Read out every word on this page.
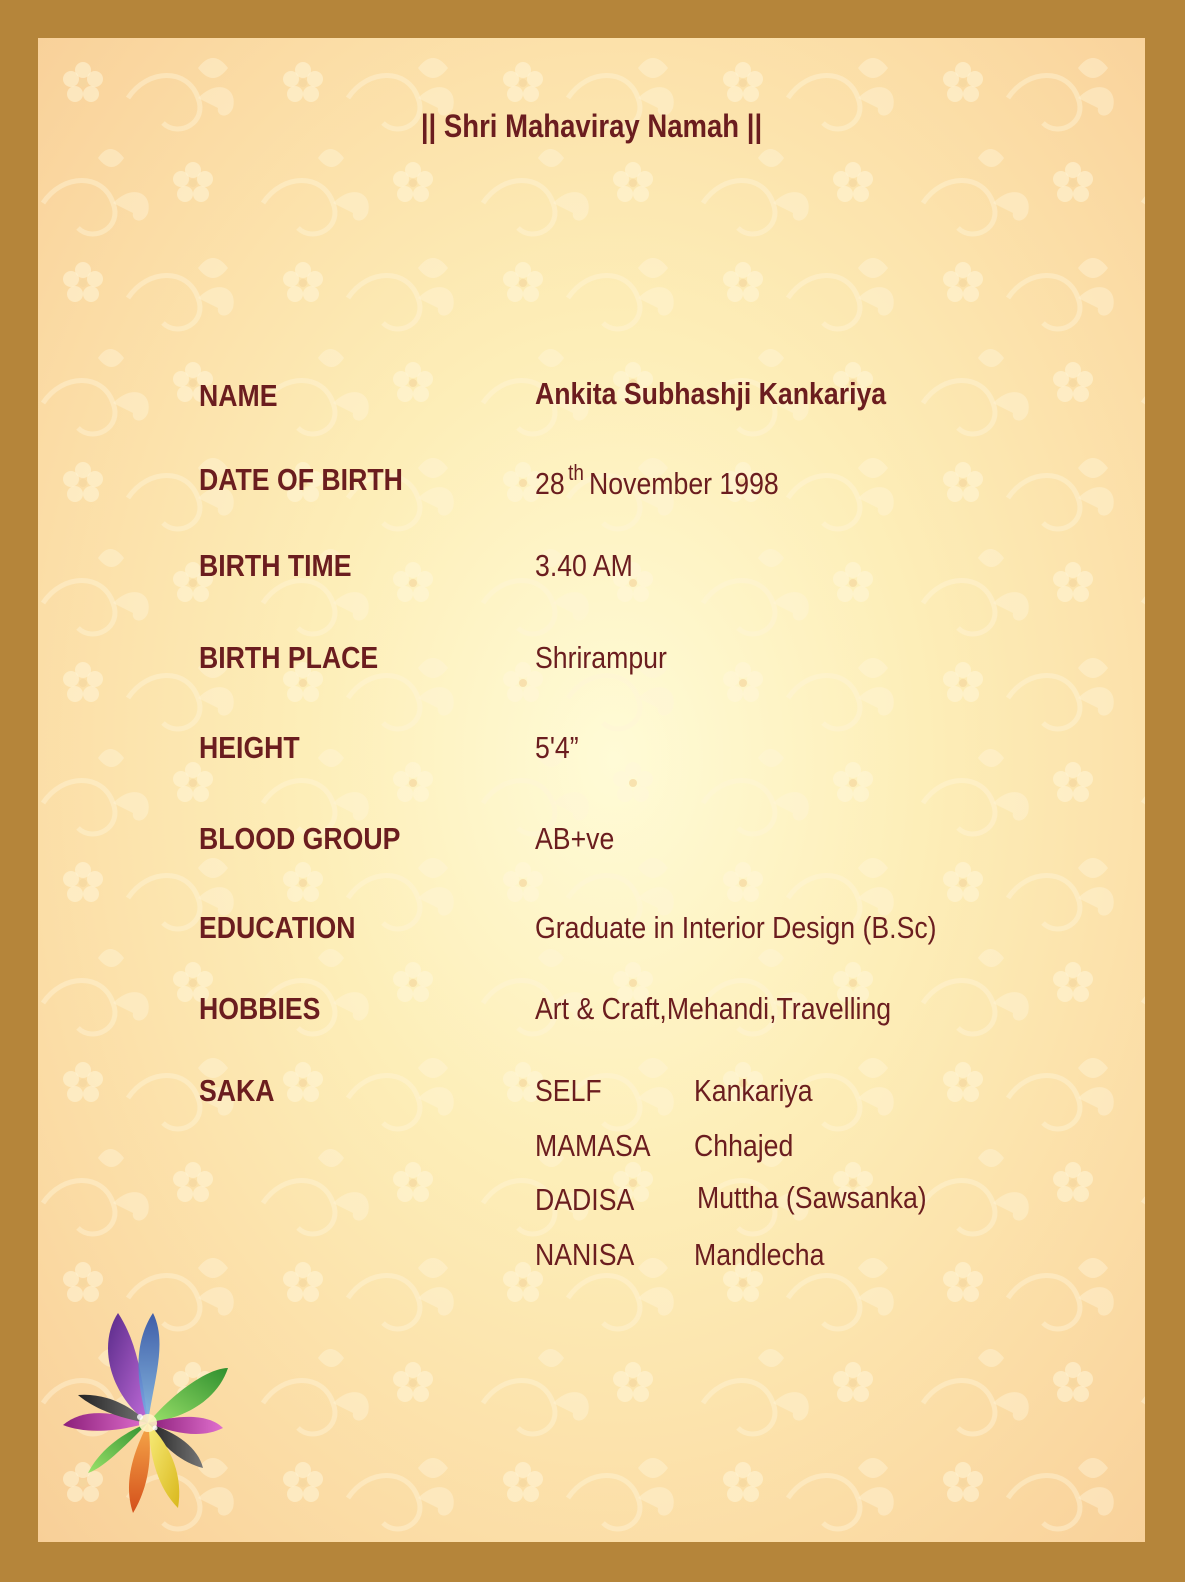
|| Shri Mahaviray Namah ||
NAME	Ankita Subhashji Kankariya
DATE OF BIRTH	28 $^{th}$ November 1998
BIRTH TIME	3.40 AM
BIRTH PLACE	Shrirampur
HEIGHT	5'4”
BLOOD GROUP	AB+ve
EDUCATION	Graduate in Interior Design (B.Sc)
HOBBIES	Art & Craft,Mehandi,Travelling
SAKA	SELF	Kankariya
MAMASA Chhajed
DADISA Muttha (Sawsanka)
NANISA Mandlecha
